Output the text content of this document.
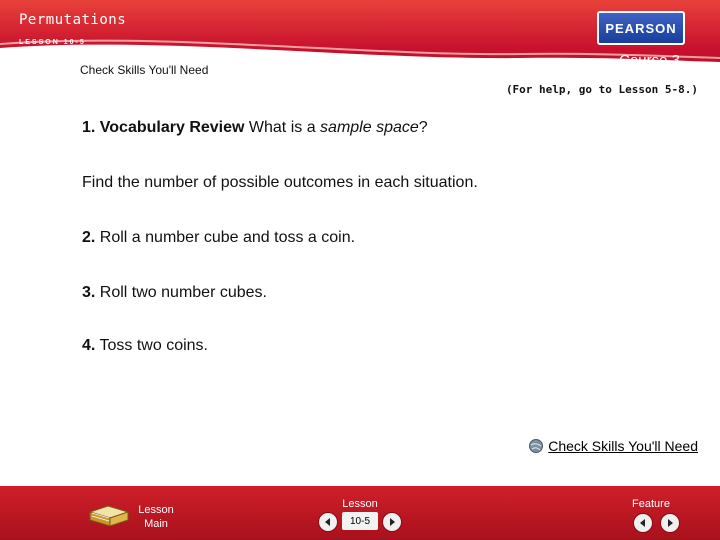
Permutations
LESSON 10-5
Check Skills You'll Need
PEARSON
Course 3
(For help, go to Lesson 5-8.)
1. Vocabulary Review What is a sample space?
Find the number of possible outcomes in each situation.
2. Roll a number cube and toss a coin.
3. Roll two number cubes.
4. Toss two coins.
Check Skills You'll Need
Lesson
Main
Lesson
10-5
Feature
